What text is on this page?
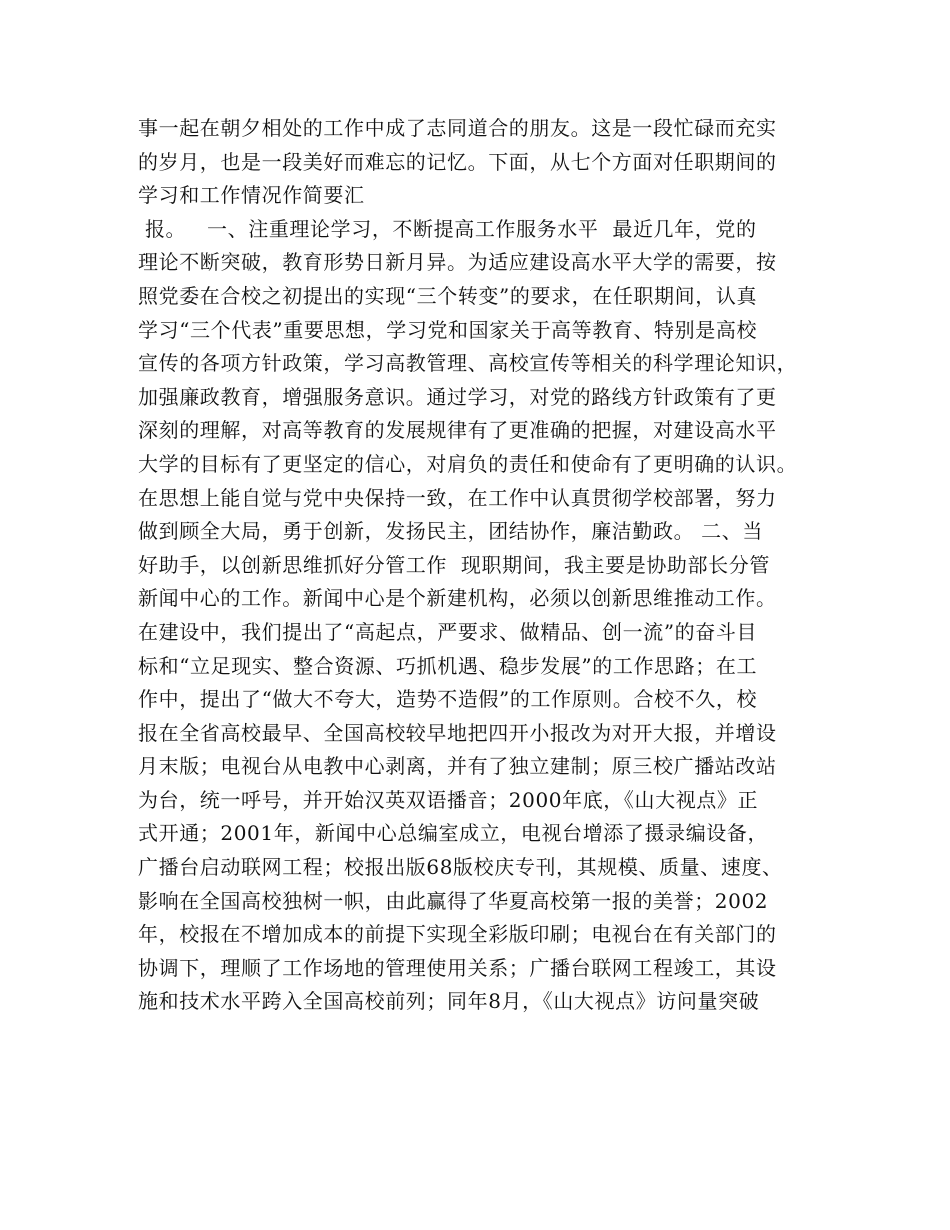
事一起在朝夕相处的工作中成了志同道合的朋友。这是一段忙碌而充实
的岁月，也是一段美好而难忘的记忆。下面，从七个方面对任职期间的
学习和工作情况作简要汇
报。   一、注重理论学习，不断提高工作服务水平  最近几年，党的
理论不断突破，教育形势日新月异。为适应建设高水平大学的需要，按
照党委在合校之初提出的实现“三个转变”的要求，在任职期间，认真
学习“三个代表”重要思想，学习党和国家关于高等教育、特别是高校
宣传的各项方针政策，学习高教管理、高校宣传等相关的科学理论知识，
加强廉政教育，增强服务意识。通过学习，对党的路线方针政策有了更
深刻的理解，对高等教育的发展规律有了更准确的把握，对建设高水平
大学的目标有了更坚定的信心，对肩负的责任和使命有了更明确的认识。
在思想上能自觉与党中央保持一致，在工作中认真贯彻学校部署，努力
做到顾全大局，勇于创新，发扬民主，团结协作，廉洁勤政。 二、当
好助手，以创新思维抓好分管工作  现职期间，我主要是协助部长分管
新闻中心的工作。新闻中心是个新建机构，必须以创新思维推动工作。
在建设中，我们提出了“高起点，严要求、做精品、创一流”的奋斗目
标和“立足现实、整合资源、巧抓机遇、稳步发展”的工作思路；在工
作中，提出了“做大不夸大，造势不造假”的工作原则。合校不久，校
报在全省高校最早、全国高校较早地把四开小报改为对开大报，并增设
月末版；电视台从电教中心剥离，并有了独立建制；原三校广播站改站
为台，统一呼号，并开始汉英双语播音；2000年底，《山大视点》正
式开通；2001年，新闻中心总编室成立，电视台增添了摄录编设备，
广播台启动联网工程；校报出版68版校庆专刊，其规模、质量、速度、
影响在全国高校独树一帜，由此赢得了华夏高校第一报的美誉；2002
年，校报在不增加成本的前提下实现全彩版印刷；电视台在有关部门的
协调下，理顺了工作场地的管理使用关系；广播台联网工程竣工，其设
施和技术水平跨入全国高校前列；同年8月，《山大视点》访问量突破
